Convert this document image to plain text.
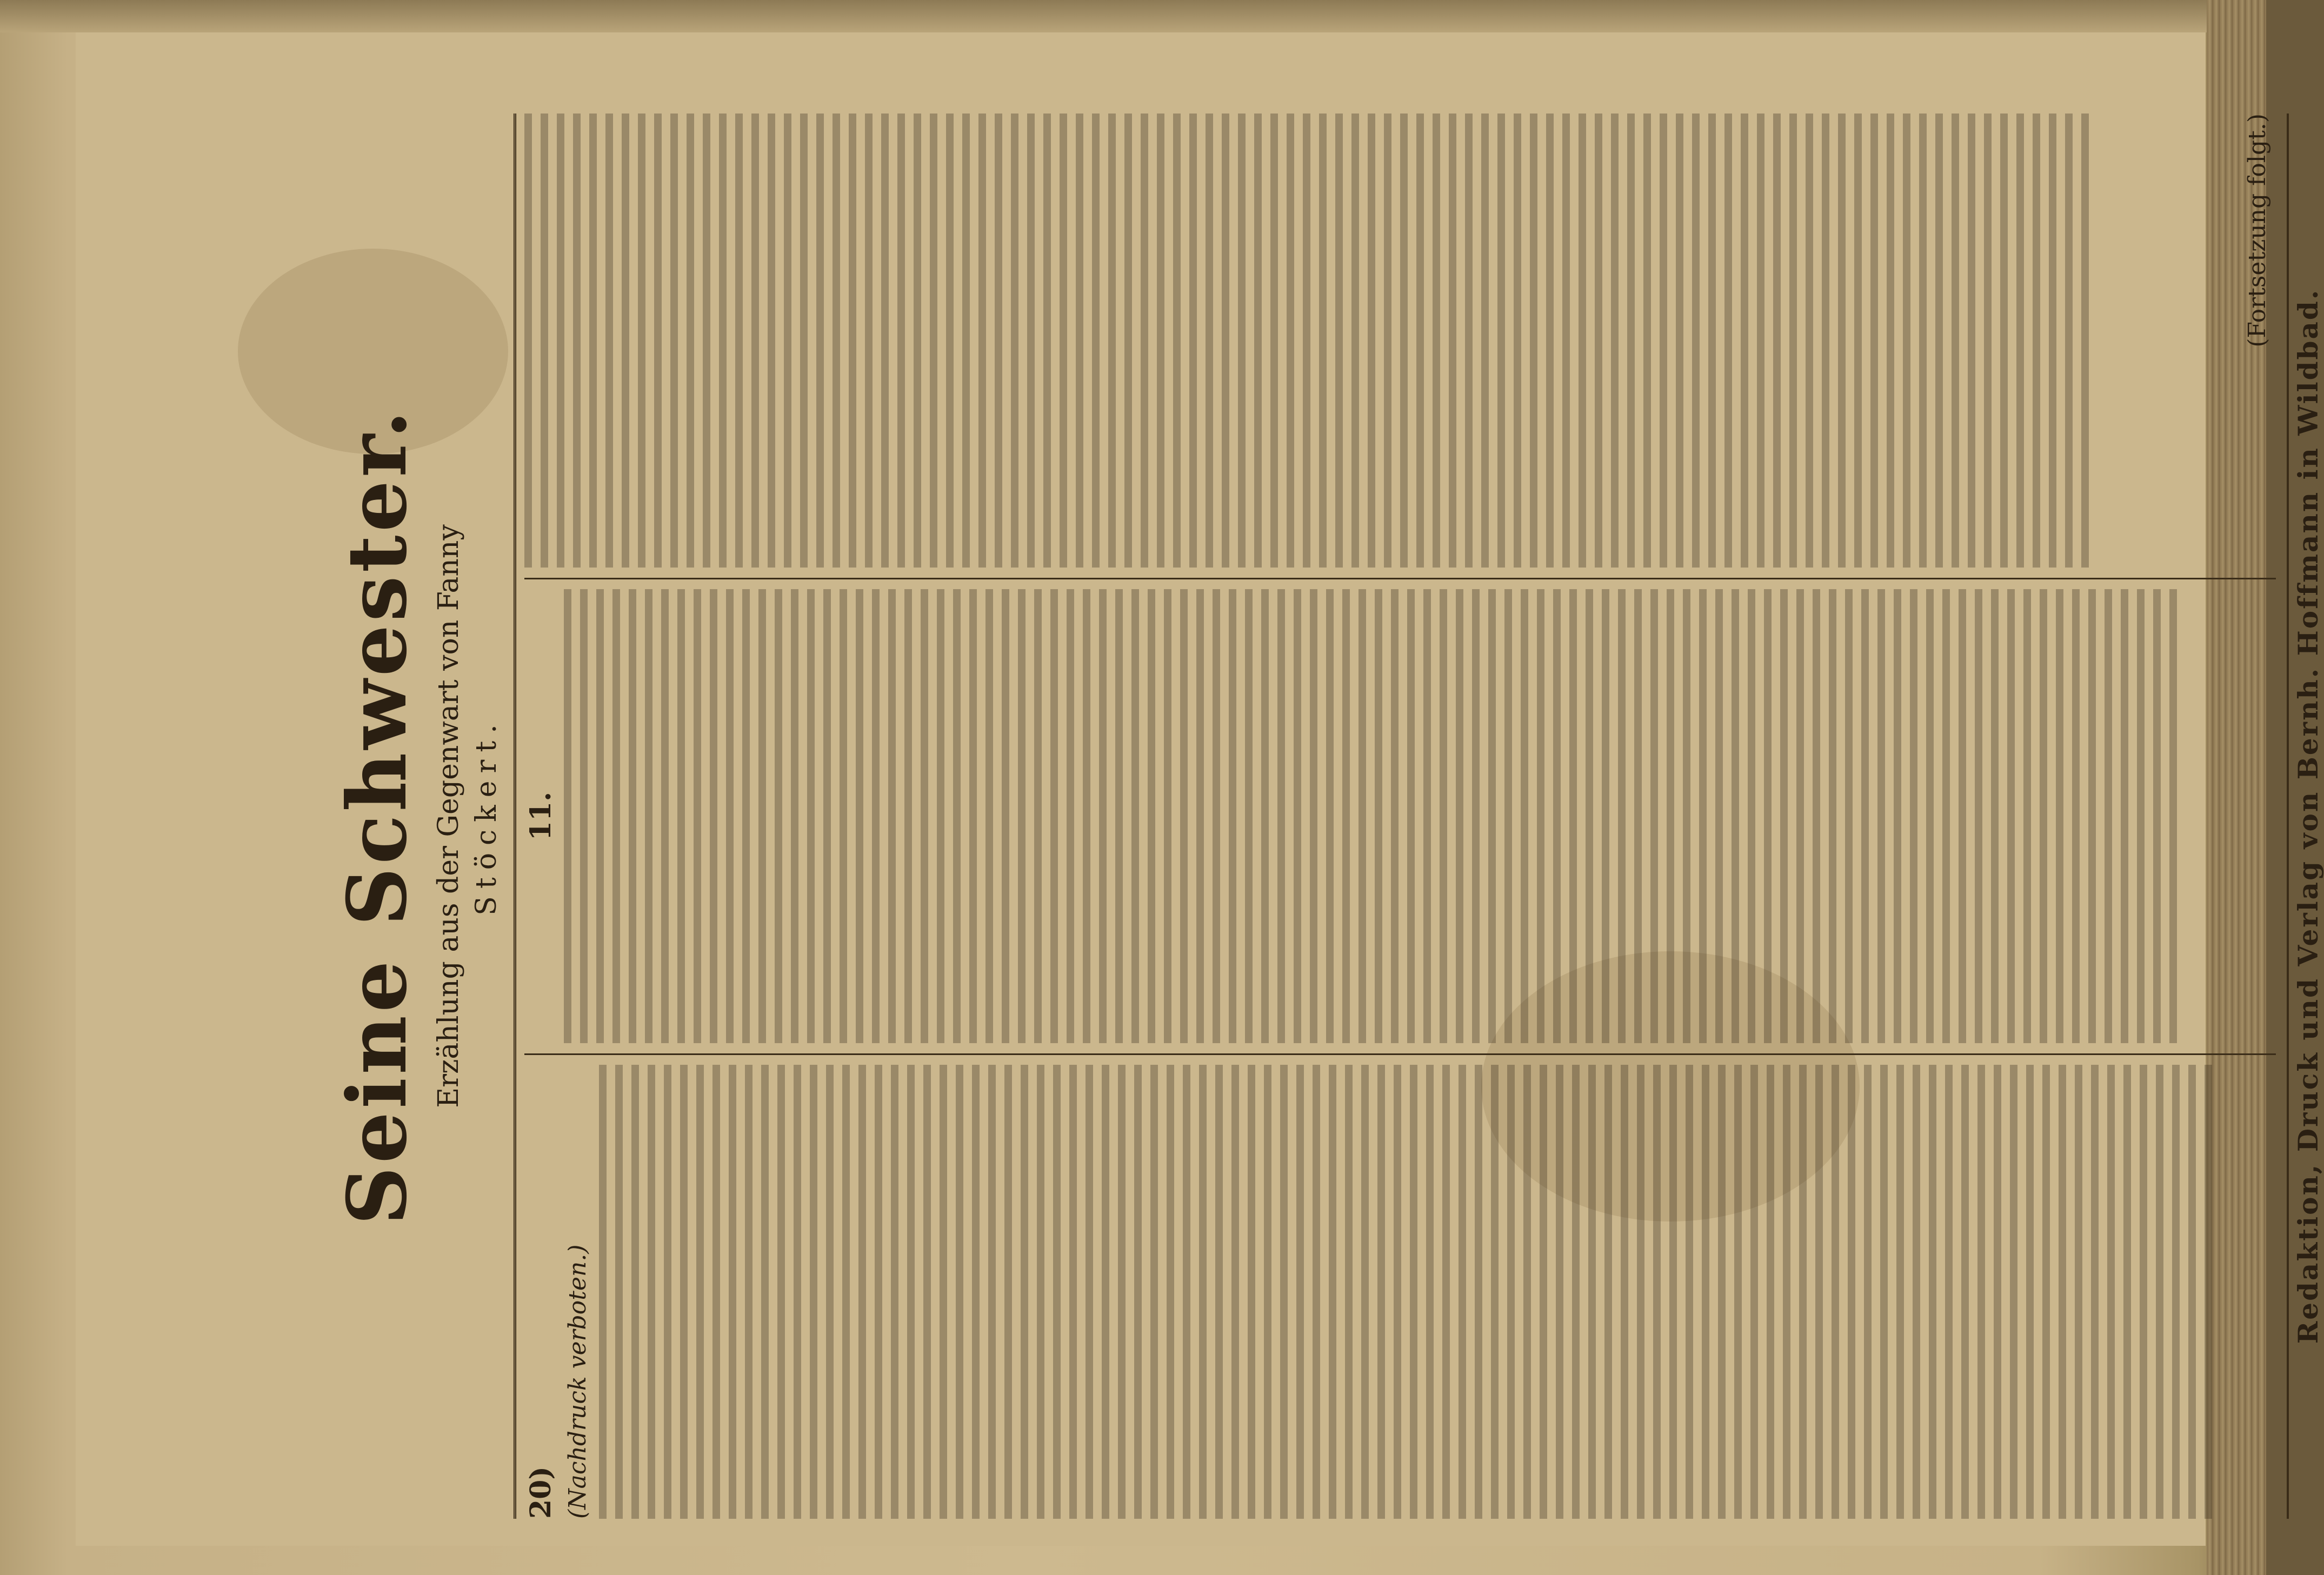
Seine Schwester. Erzählung aus der Gegenwart von Fanny Stöckert.
20) (Nachdruck verboten.)
11.
(Fortsetzung folgt.)
Redaktion, Druck und Verlag von Bernh. Hoffmann in Wildbad.
